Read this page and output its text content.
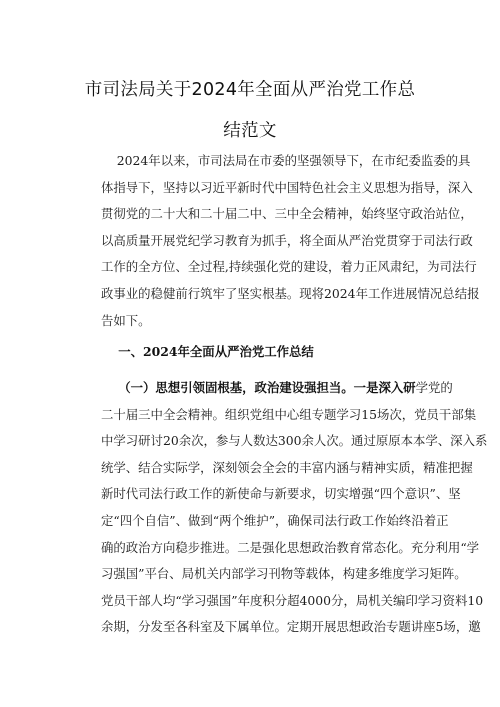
市司法局关于2024年全面从严治党工作总
结范文
2024年以来，市司法局在市委的坚强领导下，在市纪委监委的具
体指导下，坚持以习近平新时代中国特色社会主义思想为指导，深入
贯彻党的二十大和二十届二中、三中全会精神，始终坚守政治站位，
以高质量开展党纪学习教育为抓手，将全面从严治党贯穿于司法行政
工作的全方位、全过程,持续强化党的建设，着力正风肃纪，为司法行
政事业的稳健前行筑牢了坚实根基。现将2024年工作进展情况总结报
告如下。
一、2024年全面从严治党工作总结
（一）思想引领固根基，政治建设强担当。一是深入研学党的
二十届三中全会精神。组织党组中心组专题学习15场次，党员干部集
中学习研讨20余次，参与人数达300余人次。通过原原本本学、深入系
统学、结合实际学，深刻领会全会的丰富内涵与精神实质，精准把握
新时代司法行政工作的新使命与新要求，切实增强“四个意识”、坚
定“四个自信”、做到“两个维护”，确保司法行政工作始终沿着正
确的政治方向稳步推进。二是强化思想政治教育常态化。充分利用“学
习强国”平台、局机关内部学习刊物等载体，构建多维度学习矩阵。
党员干部人均“学习强国”年度积分超4000分，局机关编印学习资料10
余期，分发至各科室及下属单位。定期开展思想政治专题讲座5场，邀
